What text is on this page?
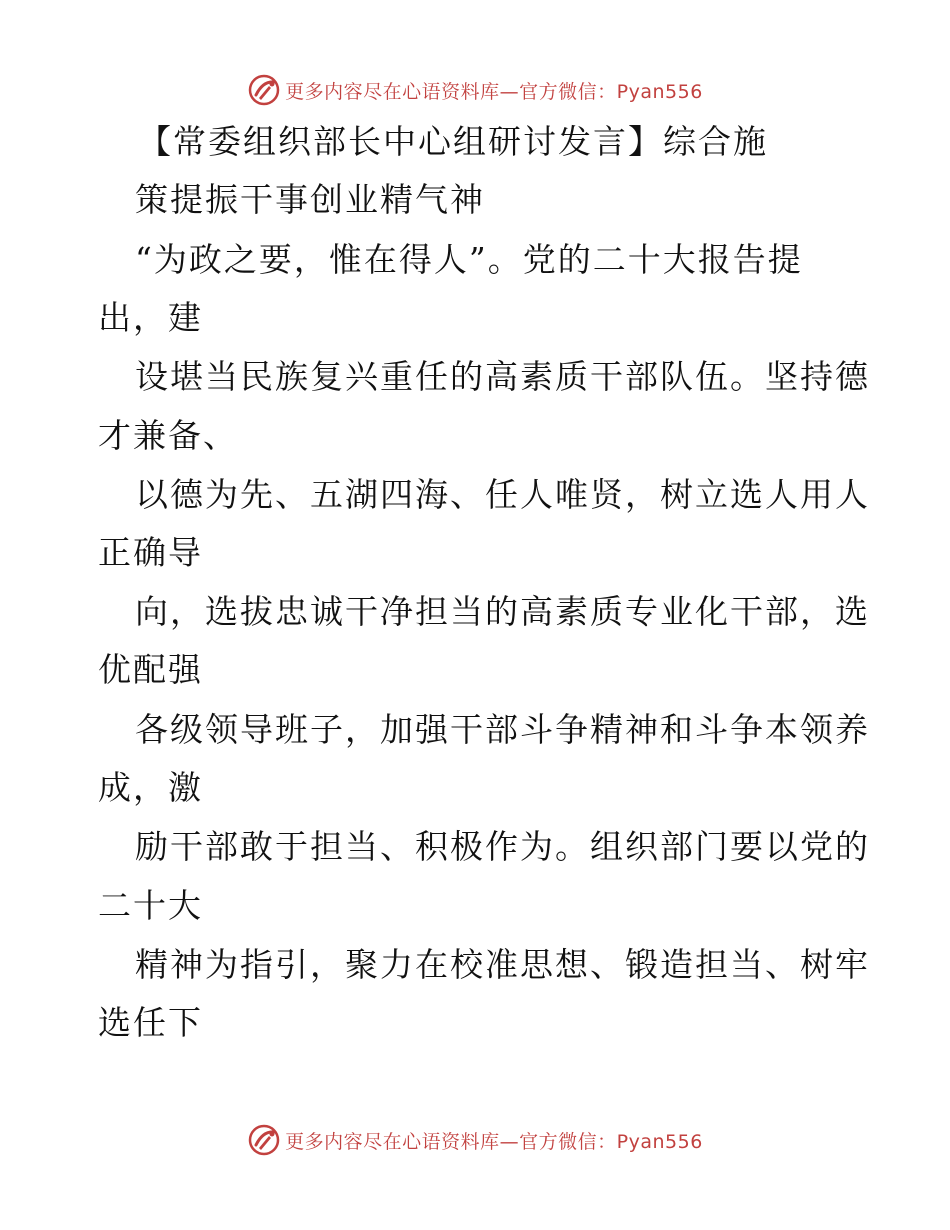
更多内容尽在心语资料库—官方微信：Pyan556
【常委组织部长中心组研讨发言】综合施
策提振干事创业精气神
“为政之要，惟在得人”。党的二十大报告提
出，建
设堪当民族复兴重任的高素质干部队伍。坚持德
才兼备、
以德为先、五湖四海、任人唯贤，树立选人用人
正确导
向，选拔忠诚干净担当的高素质专业化干部，选
优配强
各级领导班子，加强干部斗争精神和斗争本领养
成，激
励干部敢于担当、积极作为。组织部门要以党的
二十大
精神为指引，聚力在校准思想、锻造担当、树牢
选任下
更多内容尽在心语资料库—官方微信：Pyan556
